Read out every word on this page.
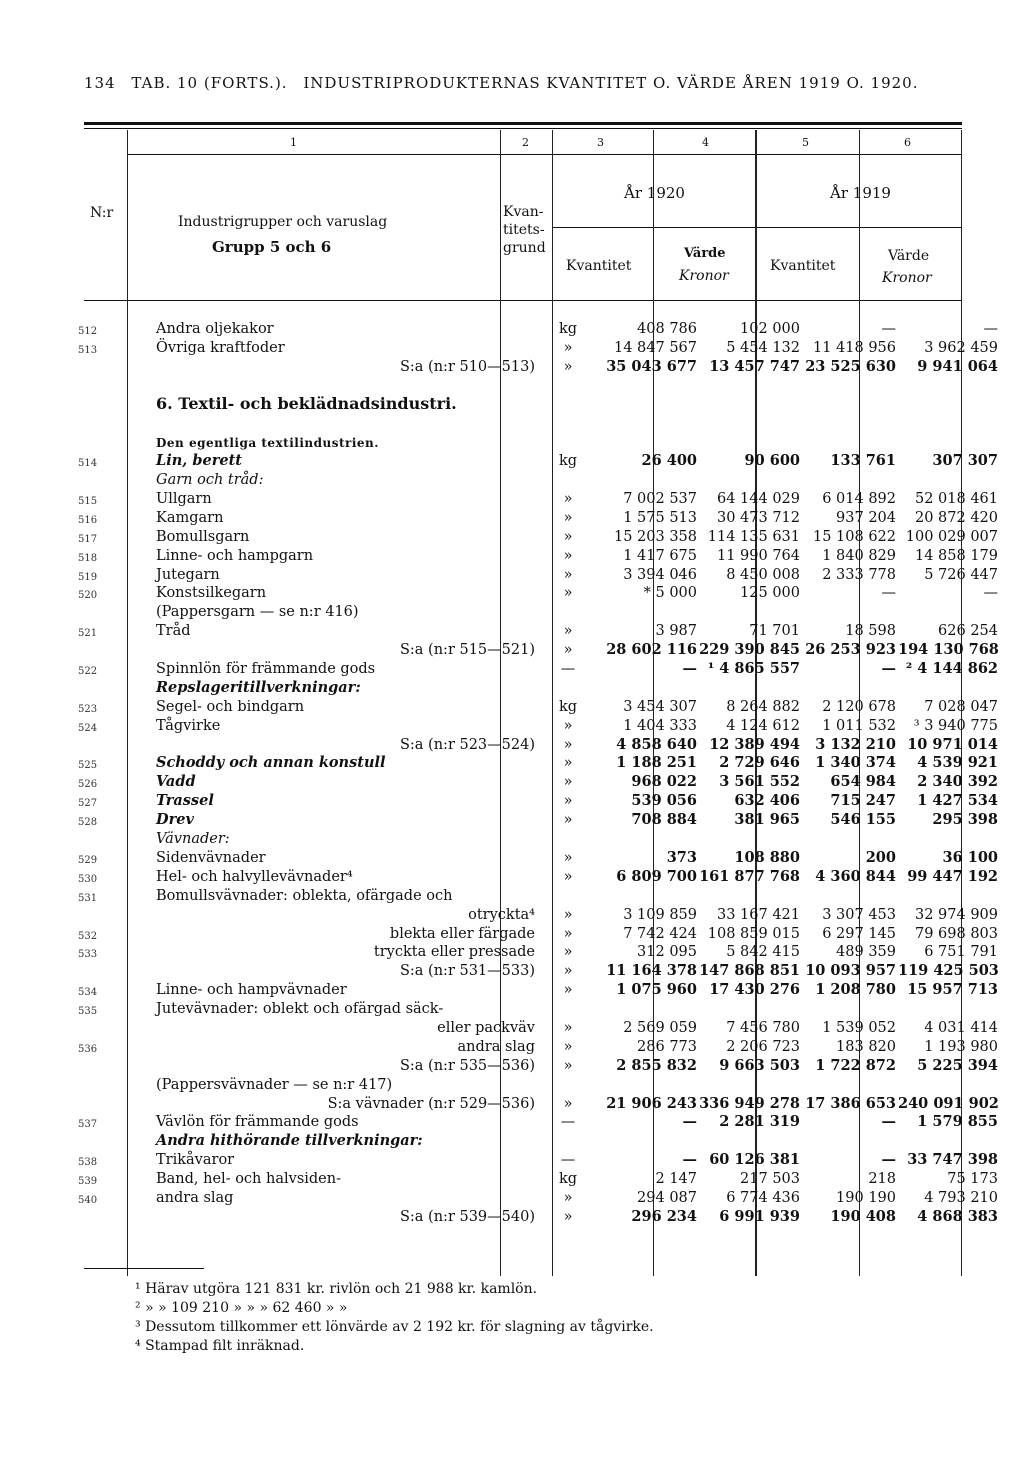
134 TAB. 10 (FORTS.). INDUSTRIPRODUKTERNAS KVANTITET O. VÄRDE ÅREN 1919 O. 1920.
1	2	3	4	5	6
N:r
Industrigrupper och varuslag
Grupp 5 och 6
Kvan-
titets-
grund
År 1920	År 1919
Kvantitet
Värde
Kronor
Kvantitet
Värde
Kronor
512	Andra oljekakor	kg	408 786	102 000	—	—
513	Övriga kraftfoder	»	14 847 567	5 454 132	11 418 956	3 962 459
	S:a (n:r 510—513)	»	35 043 677	13 457 747	23 525 630	9 941 064

	6. Textil- och beklädnadsindustri.					

	Den egentliga textilindustrien.					
514	Lin, berett	kg	26 400	90 600	133 761	307 307
	Garn och tråd:					
515	Ullgarn	»	7 002 537	64 144 029	6 014 892	52 018 461
516	Kamgarn	»	1 575 513	30 473 712	937 204	20 872 420
517	Bomullsgarn	»	15 203 358	114 135 631	15 108 622	100 029 007
518	Linne- och hampgarn	»	1 417 675	11 990 764	1 840 829	14 858 179
519	Jutegarn	»	3 394 046	8 450 008	2 333 778	5 726 447
520	Konstsilkegarn	»	* 5 000	125 000	—	—
	(Pappersgarn — se n:r 416)					
521	Tråd	»	3 987	71 701	18 598	626 254
	S:a (n:r 515—521)	»	28 602 116	229 390 845	26 253 923	194 130 768
522	Spinnlön för främmande gods	—	—	¹ 4 865 557	—	² 4 144 862
	Repslageritillverkningar:					
523	Segel- och bindgarn	kg	3 454 307	8 264 882	2 120 678	7 028 047
524	Tågvirke	»	1 404 333	4 124 612	1 011 532	³ 3 940 775
	S:a (n:r 523—524)	»	4 858 640	12 389 494	3 132 210	10 971 014
525	Schoddy och annan konstull	»	1 188 251	2 729 646	1 340 374	4 539 921
526	Vadd	»	968 022	3 561 552	654 984	2 340 392
527	Trassel	»	539 056	632 406	715 247	1 427 534
528	Drev	»	708 884	381 965	546 155	295 398
	Vävnader:					
529	Sidenvävnader	»	373	108 880	200	36 100
530	Hel- och halvyllevävnader⁴	»	6 809 700	161 877 768	4 360 844	99 447 192
531	Bomullsvävnader: oblekta, ofärgade och					
	otryckta⁴	»	3 109 859	33 167 421	3 307 453	32 974 909
532	blekta eller färgade	»	7 742 424	108 859 015	6 297 145	79 698 803
533	tryckta eller pressade	»	312 095	5 842 415	489 359	6 751 791
	S:a (n:r 531—533)	»	11 164 378	147 868 851	10 093 957	119 425 503
534	Linne- och hampvävnader	»	1 075 960	17 430 276	1 208 780	15 957 713
535	Jutevävnader: oblekt och ofärgad säck-					
	eller packväv	»	2 569 059	7 456 780	1 539 052	4 031 414
536	andra slag	»	286 773	2 206 723	183 820	1 193 980
	S:a (n:r 535—536)	»	2 855 832	9 663 503	1 722 872	5 225 394
	(Pappersvävnader — se n:r 417)					
	S:a vävnader (n:r 529—536)	»	21 906 243	336 949 278	17 386 653	240 091 902
537	Vävlön för främmande gods	—	—	2 281 319	—	1 579 855
	Andra hithörande tillverkningar:					
538	Trikåvaror	—	—	60 126 381	—	33 747 398
539	Band, hel- och halvsiden-	kg	2 147	217 503	218	75 173
540	andra slag	»	294 087	6 774 436	190 190	4 793 210
	S:a (n:r 539—540)	»	296 234	6 991 939	190 408	4 868 383
¹ Härav utgöra 121 831 kr. rivlön och 21 988 kr. kamlön.
² » » 109 210 » » » 62 460 » »
³ Dessutom tillkommer ett lönvärde av 2 192 kr. för slagning av tågvirke.
⁴ Stampad filt inräknad.
